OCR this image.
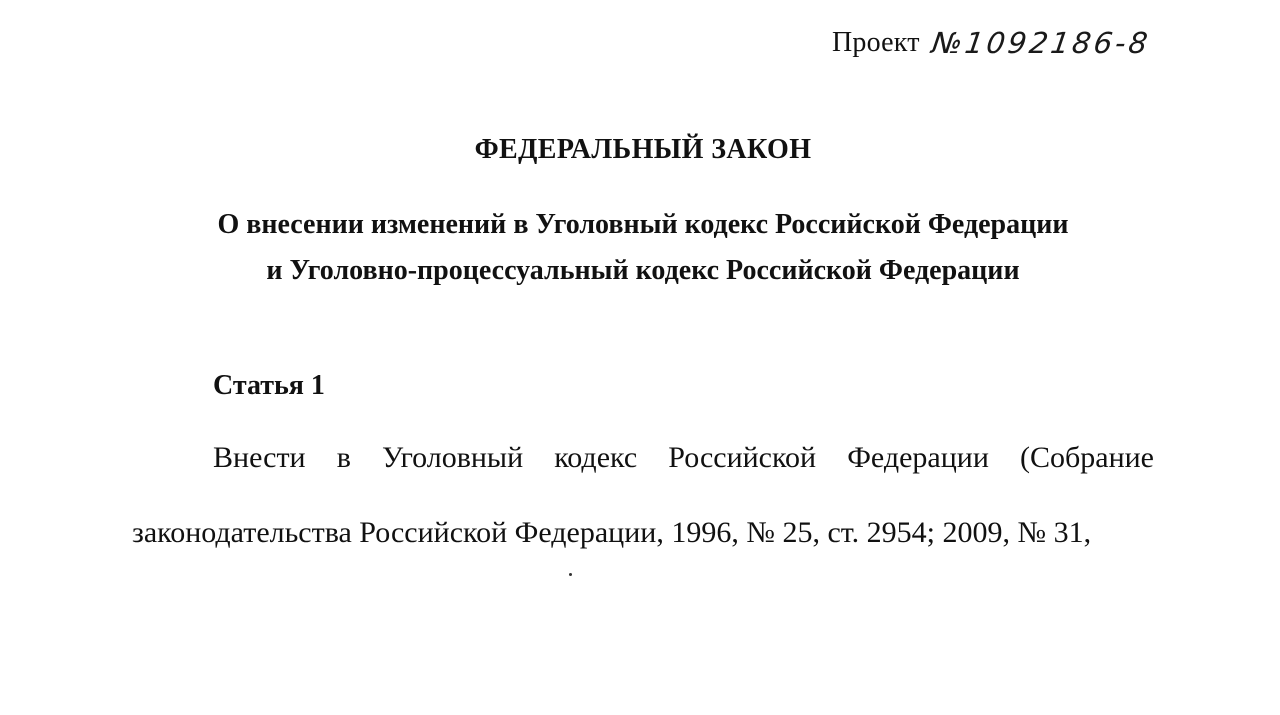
Проект №1092186-8
ФЕДЕРАЛЬНЫЙ ЗАКОН
О внесении изменений в Уголовный кодекс Российской Федерации
и Уголовно-процессуальный кодекс Российской Федерации
Статья 1
Внести в Уголовный кодекс Российской Федерации (Собрание
законодательства Российской Федерации, 1996, № 25, ст. 2954; 2009, № 31,
